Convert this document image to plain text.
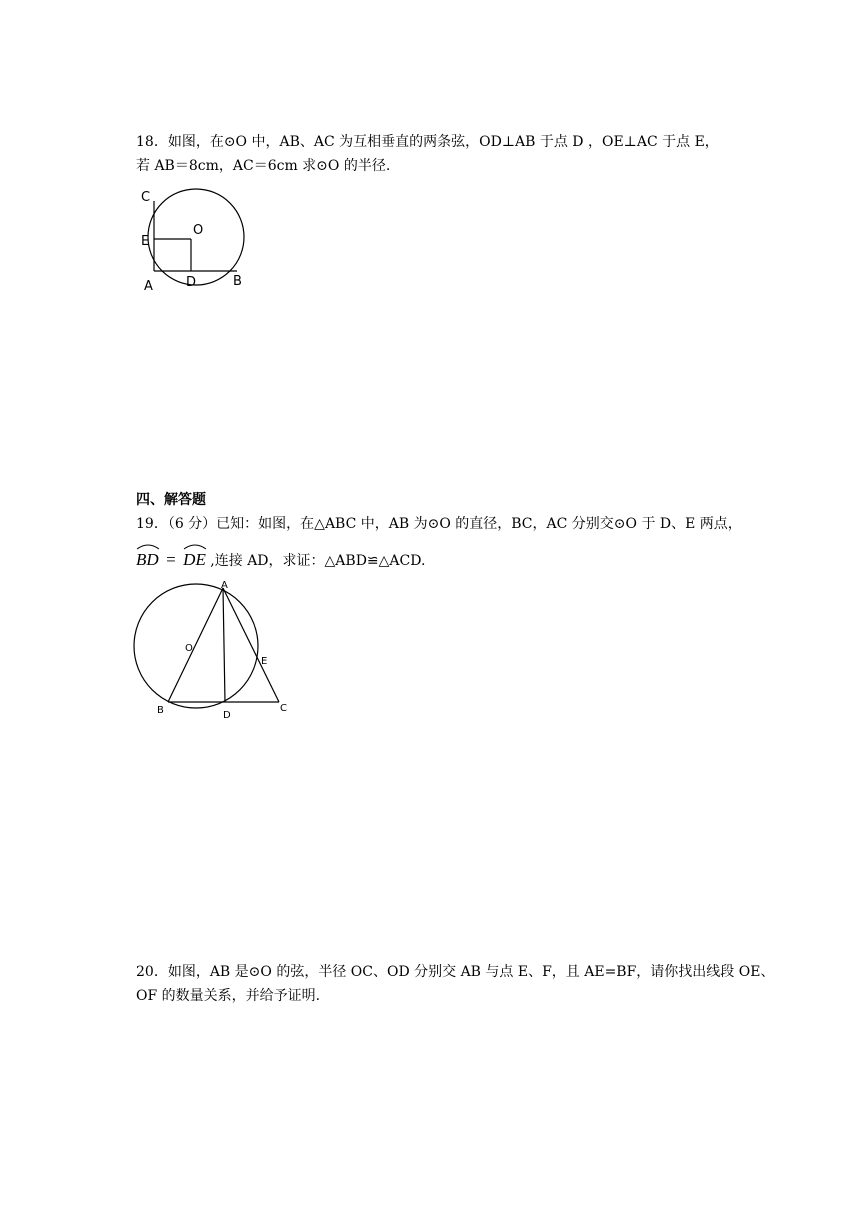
18．如图，在⊙O 中，AB、AC 为互相垂直的两条弦，OD⊥AB 于点 D ，OE⊥AC 于点 E，
若 AB＝8cm，AC＝6cm 求⊙O 的半径.
C
E
O
A	D	B
四、解答题
19．（6 分）已知：如图，在△ABC 中，AB 为⊙O 的直径，BC，AC 分别交⊙O 于 D、E 两点，
BD = DE ,连接 AD，求证：△ABD≌△ACD.
A
O
E
B	D
C
20．如图，AB 是⊙O 的弦，半径 OC、OD 分别交 AB 与点 E、F，且 AE=BF，请你找出线段 OE、
OF 的数量关系，并给予证明.
